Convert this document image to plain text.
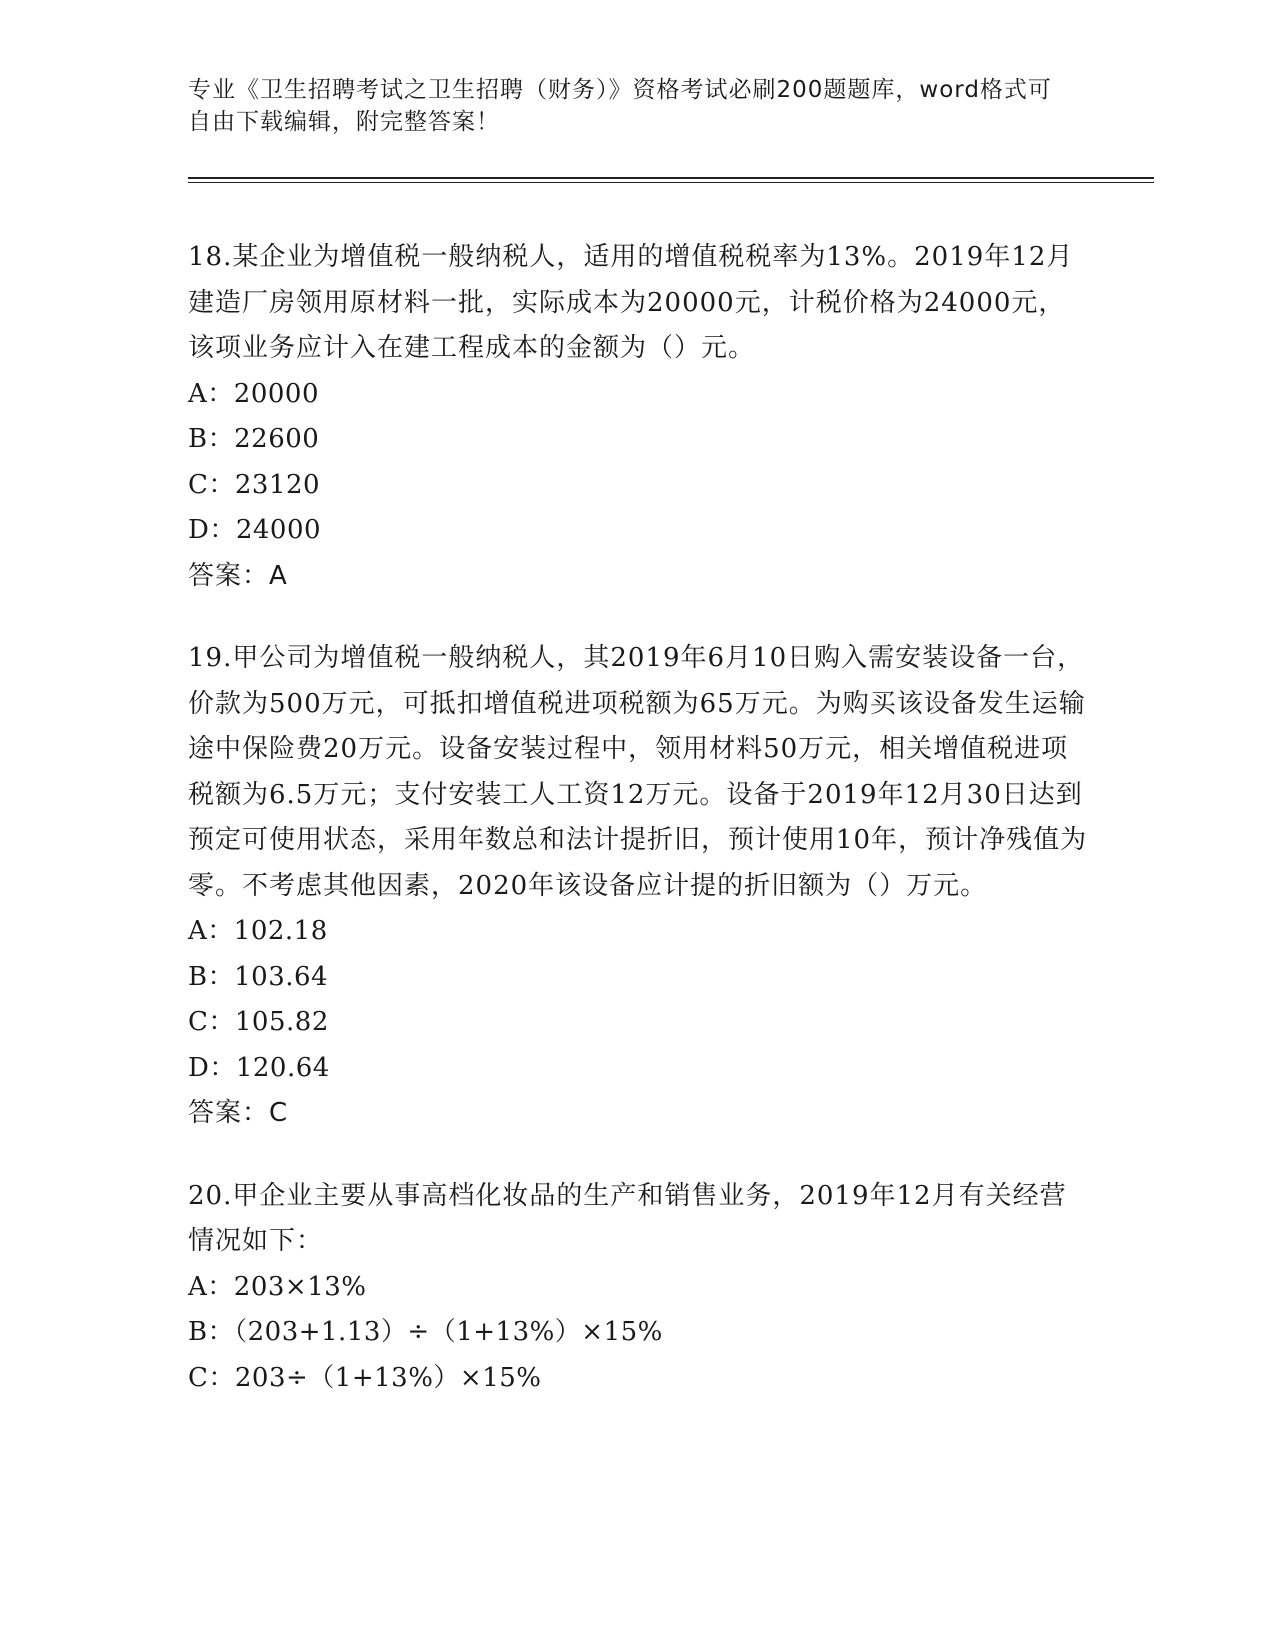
专业《卫生招聘考试之卫生招聘（财务）》资格考试必刷200题题库，word格式可自由下载编辑，附完整答案！

18.某企业为增值税一般纳税人，适用的增值税税率为13%。2019年12月建造厂房领用原材料一批，实际成本为20000元，计税价格为24000元，该项业务应计入在建工程成本的金额为（）元。

A：20000

B：22600

C：23120

D：24000

答案：A

19.甲公司为增值税一般纳税人，其2019年6月10日购入需安装设备一台，价款为500万元，可抵扣增值税进项税额为65万元。为购买该设备发生运输途中保险费20万元。设备安装过程中，领用材料50万元，相关增值税进项税额为6.5万元；支付安装工人工资12万元。设备于2019年12月30日达到预定可使用状态，采用年数总和法计提折旧，预计使用10年，预计净残值为零。不考虑其他因素，2020年该设备应计提的折旧额为（）万元。

A：102.18

B：103.64

C：105.82

D：120.64

答案：C

20.甲企业主要从事高档化妆品的生产和销售业务，2019年12月有关经营情况如下：

A：203×13%

B：（203+1.13）÷（1+13%）×15%

C：203÷（1+13%）×15%
